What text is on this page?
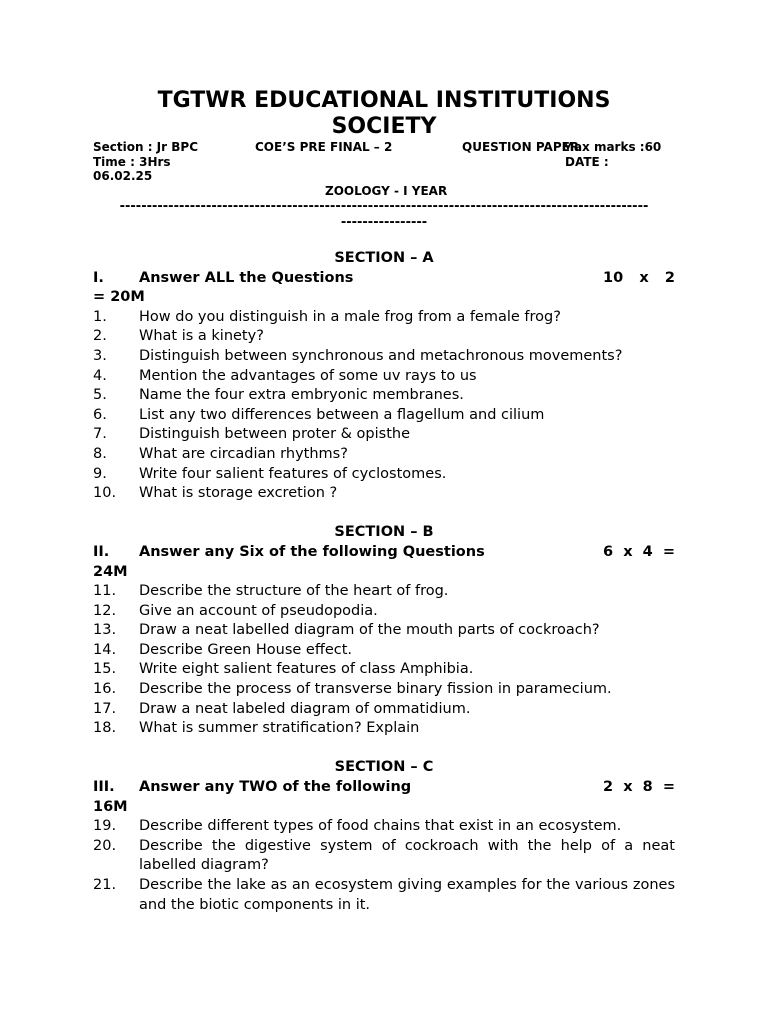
TGTWR EDUCATIONAL INSTITUTIONS
SOCIETY
Section : Jr BPC	COE’S PRE FINAL – 2	QUESTION PAPER
Max marks :60
Time : 3Hrs	DATE :
06.02.25
ZOOLOGY - I YEAR
--------------------------------------------------------------------------------------------------
----------------
SECTION – A
I.	Answer ALL the Questions	10 x 2
= 20M
1.	How do you distinguish in a male frog from a female frog?
2.	What is a kinety?
3.	Distinguish between synchronous and metachronous movements?
4.	Mention the advantages of some uv rays to us
5.	Name the four extra embryonic membranes.
6.	List any two differences between a flagellum and cilium
7.	Distinguish between proter & opisthe
8.	What are circadian rhythms?
9.	Write four salient features of cyclostomes.
10.	What is storage excretion ?
SECTION – B
II.	Answer any Six of the following Questions	6 x 4 =
24M
11.	Describe the structure of the heart of frog.
12.	Give an account of pseudopodia.
13.	Draw a neat labelled diagram of the mouth parts of cockroach?
14.	Describe Green House effect.
15.	Write eight salient features of class Amphibia.
16.	Describe the process of transverse binary fission in paramecium.
17.	Draw a neat labeled diagram of ommatidium.
18.	What is summer stratification? Explain
SECTION – C
III.	Answer any TWO of the following	2 x 8 =
16M
19.	Describe different types of food chains that exist in an ecosystem.
20.	Describe the digestive system of cockroach with the help of a neat labelled diagram?
21.	Describe the lake as an ecosystem giving examples for the various zones and the biotic components in it.
